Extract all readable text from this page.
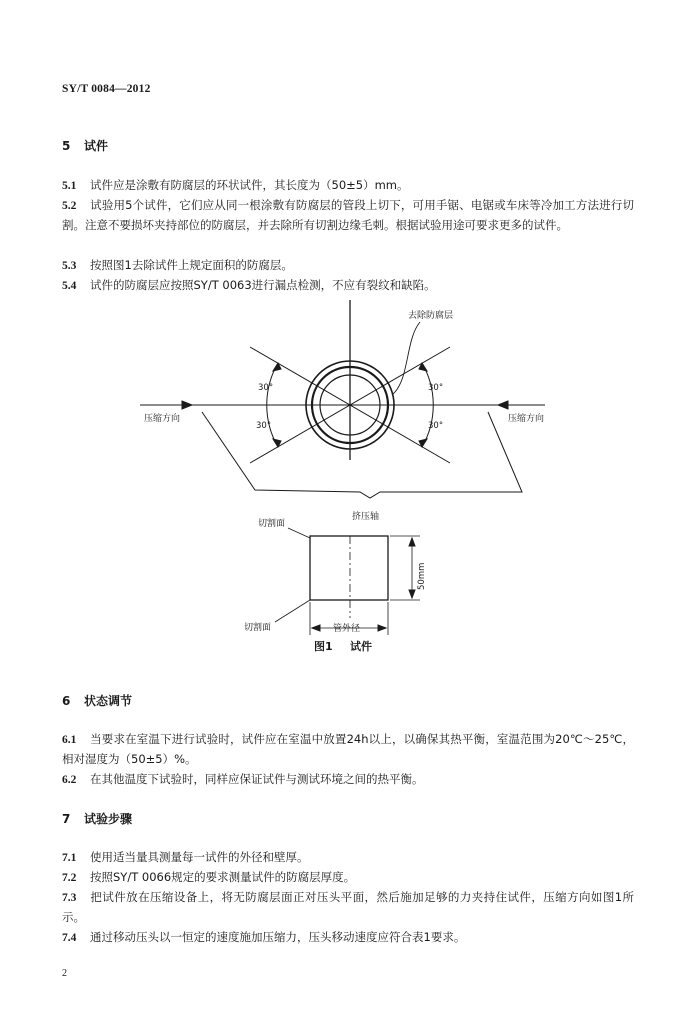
SY/T 0084—2012
5 试件
5.1 试件应是涂敷有防腐层的环状试件，其长度为（50±5）mm。
5.2 试验用5个试件，它们应从同一根涂敷有防腐层的管段上切下，可用手锯、电锯或车床等冷加工方法进行切割。注意不要损坏夹持部位的防腐层，并去除所有切割边缘毛刺。根据试验用途可要求更多的试件。
5.3 按照图1去除试件上规定面积的防腐层。
5.4 试件的防腐层应按照SY/T 0063进行漏点检测，不应有裂纹和缺陷。
去除防腐层
30°
30°
30°
30°
压缩方向	压缩方向
挤压轴
切割面
切割面
50mm
管外径
图1 试件
6 状态调节
6.1 当要求在室温下进行试验时，试件应在室温中放置24h以上，以确保其热平衡，室温范围为20℃～25℃，相对湿度为（50±5）%。
6.2 在其他温度下试验时，同样应保证试件与测试环境之间的热平衡。
7 试验步骤
7.1 使用适当量具测量每一试件的外径和壁厚。
7.2 按照SY/T 0066规定的要求测量试件的防腐层厚度。
7.3 把试件放在压缩设备上，将无防腐层面正对压头平面，然后施加足够的力夹持住试件，压缩方向如图1所示。
7.4 通过移动压头以一恒定的速度施加压缩力，压头移动速度应符合表1要求。
2
